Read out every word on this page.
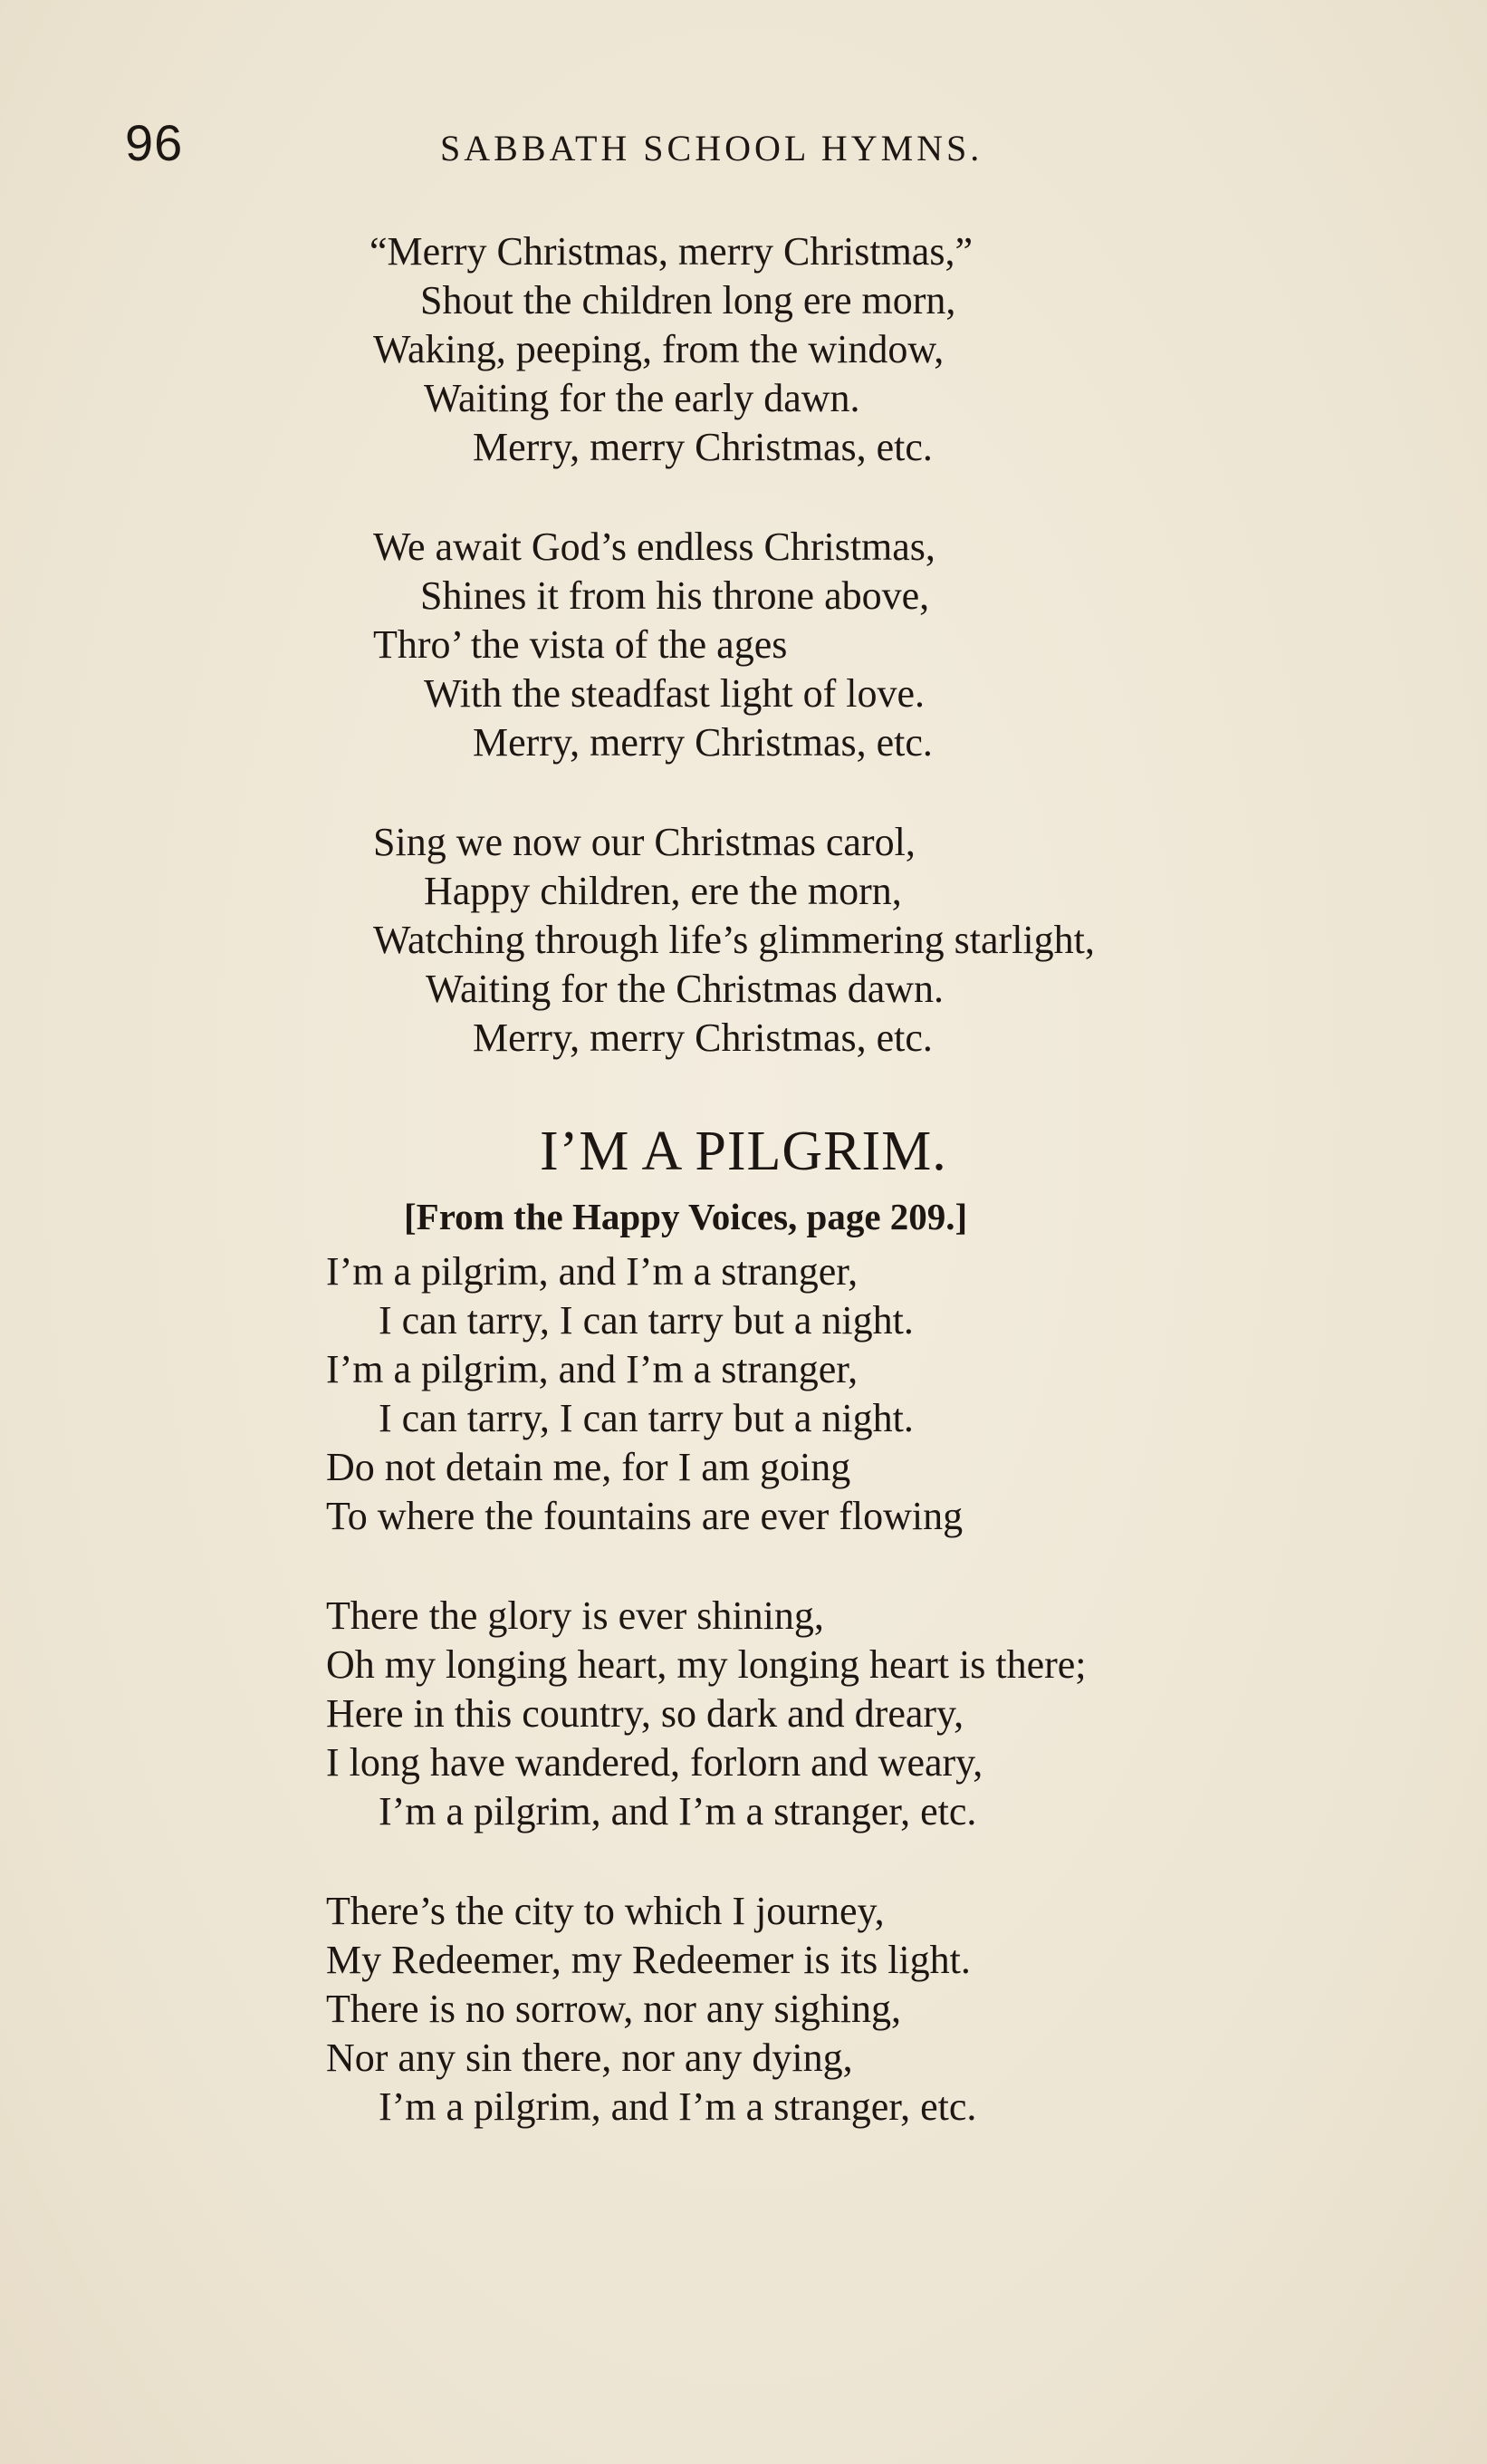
96	SABBATH SCHOOL HYMNS.
“Merry Christmas, merry Christmas,”
Shout the children long ere morn,
Waking, peeping, from the window,
Waiting for the early dawn.
Merry, merry Christmas, etc.
We await God’s endless Christmas,
Shines it from his throne above,
Thro’ the vista of the ages
With the steadfast light of love.
Merry, merry Christmas, etc.
Sing we now our Christmas carol,
Happy children, ere the morn,
Watching through life’s glimmering starlight,
Waiting for the Christmas dawn.
Merry, merry Christmas, etc.
I’M A PILGRIM.
[From the Happy Voices, page 209.]
I’m a pilgrim, and I’m a stranger,
I can tarry, I can tarry but a night.
I’m a pilgrim, and I’m a stranger,
I can tarry, I can tarry but a night.
Do not detain me, for I am going
To where the fountains are ever flowing
There the glory is ever shining,
Oh my longing heart, my longing heart is there;
Here in this country, so dark and dreary,
I long have wandered, forlorn and weary,
I’m a pilgrim, and I’m a stranger, etc.
There’s the city to which I journey,
My Redeemer, my Redeemer is its light.
There is no sorrow, nor any sighing,
Nor any sin there, nor any dying,
I’m a pilgrim, and I’m a stranger, etc.
